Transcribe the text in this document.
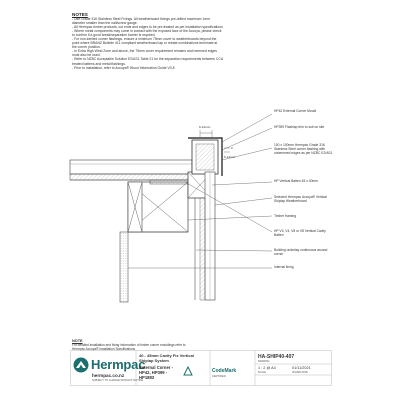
NOTES
- Use Grade 316 Stainless Steel Fixings. All weatherboard fixings pre-drilled maximum 1mm
diameter smaller than the nail/screw gauge.
- All Hermpac timber products, cut ends and edges to be pre-treated as per installation specifications
- Where metal components may come in contact with the exposed face of the Accoya, please check
to confirm if a good break/separation barrier is required.
- For non-kerbed corner flashings, ensure a minimum 75mm cover to weatherboards beyond the
point where BRANZ Bulletin 411 compliant weatherboard lap or rebate combinations terminate at
the corner position.
- In Extra High Wind Zone and above, the 75mm cover requirement remains and hemmed edges
must also be used.
- Refer to NZBC Acceptable Solution E2/AS1 Table 21 for the separation requirements between CCA
treated battens and metal flashings.
- Prior to installation, refer to Accoya® Wood Information Guide V3.8
6-12mm
2
6-12mm
HP42 External Corner Mould
HP399 Flashlap trim to suit on site
100 x 100mm Hermpac Grade 316 Stainless Steel corner flashing with unhemmed edges as per NZBC E2/AS1
HP Vertical Batten 45 x 40mm
Selected Hermpac Accoya® Vertical Shiplap Weatherboard
Timber framing
HP V3, V4, V8 or V8 Vertical Cavity Batten
Building underlay continuous around corner
Internal lining
NOTE
For detailed installation and fixing information of timber corner mouldings refer to
Hermpac Accoya® Installation Specifications
Hermpac
hermpac.co.nz
SUBJECT TO CHANGE WITHOUT NOTICE
40 - 45mm Cavity Fix Vertical Shiplap System
External Corner - HP42, HP399 - HP1883
CodeMark
CERTIFIED
HA-SHIP40-407
DRAWING
1 : 2 @ A4	01/11/2021
SCALE	ISSUED DATE
